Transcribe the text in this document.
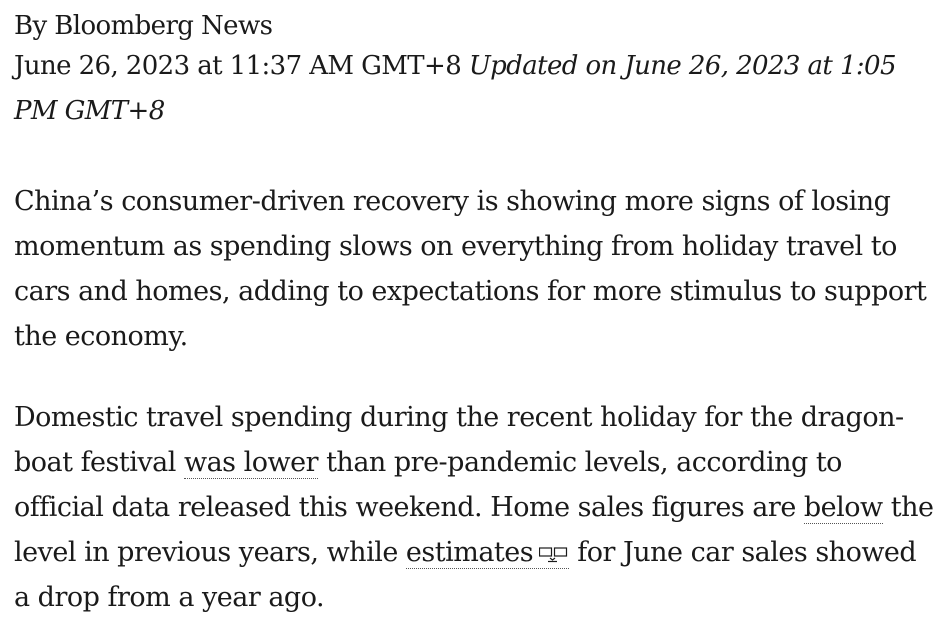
By Bloomberg News
June 26, 2023 at 11:37 AM GMT+8 Updated on June 26, 2023 at 1:05 PM GMT+8

China’s consumer-driven recovery is showing more signs of losing momentum as spending slows on everything from holiday travel to cars and homes, adding to expectations for more stimulus to support the economy.

Domestic travel spending during the recent holiday for the dragon-boat festival was lower than pre-pandemic levels, according to official data released this weekend. Home sales figures are below the level in previous years, while estimates for June car sales showed a drop from a year ago.
